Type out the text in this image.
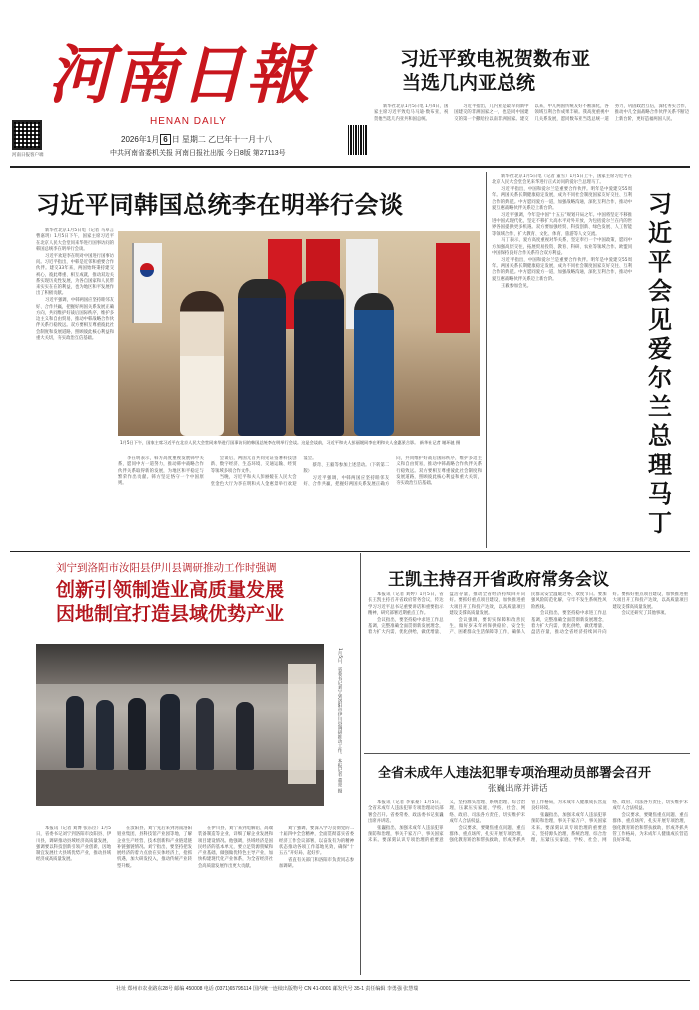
河南日報
HENAN DAILY
2026年1月 6 日 星期二 乙巳年十一月十八
中共河南省委机关报 河南日报社出版 今日8版 第27113号
河南日报客户端
习近平致电祝贺数布亚
当选几内亚总统

新华社北京1月5日电 1月4日，国家主席习近平致电马马迪·数布亚，祝贺他当选几内亚共和国总统。

习近平指出，几内亚是最早同新中国建交的非洲国家之一，也是同中国建交的第一个撒哈拉以南非洲国家。建交以来，中几两国传统友好不断深化，各领域互利合作成果丰硕。我高度重视中几关系发展，愿同数布亚当选总统一道努力，巩固政治互信，深化务实合作，推动中几全面战略合作伙伴关系不断迈上新台阶，更好造福两国人民。

习近平同韩国总统李在明举行会谈
1月5日下午，国家主席习近平在北京人民大会堂同来华进行国事访问的韩国总统李在明举行会谈。这是会谈前，习近平和夫人彭丽媛同李在明和夫人金惠景合影。 新华社记者 谢环驰 摄

新华社北京1月5日电（记者 马卓言 曹嘉玥）1月5日下午，国家主席习近平在北京人民大会堂同来华进行国事访问的韩国总统李在明举行会谈。

习近平欢迎李在明对中国进行国事访问。习近平指出，中韩是近邻和重要合作伙伴。建交33年来，两国始终秉持建交初心，彼此尊重、相互成就，推动双边关系实现历史性发展，为各自国家和人民带来实实在在的利益，也为地区和平发展作出了积极贡献。

习近平强调，中韩两国应坚持睦邻友好、合作共赢，把握好两国关系发展正确方向，共同维护好战后国际秩序，维护多边主义和自由贸易，推动中韩战略合作伙伴关系行稳致远。双方要相互尊重彼此社会制度和发展道路，照顾彼此核心利益和重大关切，夯实政治互信基础。

李在明表示，韩方高度重视发展韩中关系，愿同中方一道努力，推动韩中战略合作伙伴关系取得新的发展，为地区和平稳定与繁荣作出贡献。韩方坚定恪守一个中国原则。

会谈后，两国元首共同见证签署科技创新、数字经济、生态环境、交通运输、经贸等领域多项合作文件。

当晚，习近平和夫人彭丽媛在人民大会堂金色大厅为李在明和夫人金惠景举行欢迎宴会。

蔡奇、王毅等参加上述活动。（下转第二版）

习近平强调，中韩两国应坚持睦邻友好、合作共赢，把握好两国关系发展正确方向，共同维护好战后国际秩序，维护多边主义和自由贸易，推动中韩战略合作伙伴关系行稳致远。双方要相互尊重彼此社会制度和发展道路，照顾彼此核心利益和重大关切，夯实政治互信基础。

新华社北京1月5日电（记者 董雪）1月5日上午，国家主席习近平在北京人民大会堂会见来华进行正式访问的爱尔兰总理马丁。

习近平指出，中国和爱尔兰是重要合作伙伴。明年是中爱建交55周年。两国关系长期健康稳定发展，成为不同社会制度国家友好交往、互利合作的典范。中方愿同爱方一道，加强战略沟通，深化互利合作，推动中爱互惠战略伙伴关系迈上新台阶。

习近平强调，今年是中国“十五五”规划开局之年。中国将坚定不移推进中国式现代化，坚定不移扩大高水平对外开放，为包括爱尔兰在内的世界各国提供更多机遇。双方要加强经贸、科技创新、绿色发展、人工智能等领域合作，扩大教育、文化、体育、旅游等人文交流。

马丁表示，爱方高度重视对华关系，坚定奉行一个中国政策，愿同中方加强高层交往，拓展贸易投资、教育、科研、农业等领域合作。欧盟同中国保持良好合作关系符合双方利益。

习近平指出，中国和爱尔兰是重要合作伙伴。明年是中爱建交55周年。两国关系长期健康稳定发展，成为不同社会制度国家友好交往、互利合作的典范。中方愿同爱方一道，加强战略沟通，深化互利合作，推动中爱互惠战略伙伴关系迈上新台阶。

王毅参加会见。

习近平会见爱尔兰总理马丁
刘宁到洛阳市汝阳县伊川县调研推动工作时强调
创新引领制造业高质量发展
因地制宜打造县域优势产业
1月5日，省委书记刘宁到洛阳市伊川县调研推动工作。 本报记者 董亮 摄

本报讯（记者 刘博 张东臣）1月5日，省委书记刘宁到洛阳市汝阳县、伊川县，调研推动县域经济高质量发展，强调要以科技创新引领产业创新，因地制宜发展壮大县域优势产业，推动县域经济成高质量发展。

在汝阳县，刘宁先后来到河南洛阳钼业集团、县科技馆产业园等地，了解企业生产经营、技术创新和产业链延链补链强链情况。刘宁指出，要坚持把发展经济的着力点放在实体经济上，抢抓机遇，加大研发投入，推动传统产业转型升级。

在伊川县，刘宁来到电解铝、高端装备制造等企业，详细了解企业发展和项目建设情况。他强调，县域经济是国民经济的基本单元，要立足资源禀赋和产业基础，做强做优特色主导产业，加快构建现代化产业体系，为全省经济社会高质量发展作出更大贡献。

刘宁强调，要深入学习贯彻党的二十届四中全会精神，全面贯彻落实省委经济工作会议部署，以奋发有为的精神状态推动各项工作落地见效，确保“十五五”开好局、起好步。

省直有关部门和洛阳市负责同志参加调研。

王凯主持召开省政府常务会议

本报讯（记者 刘婷）1月5日，省长王凯主持召开省政府常务会议，传达学习习近平总书记重要讲话和重要指示精神，研究部署近期重点工作。

会议指出，要坚持稳中求进工作总基调，完整准确全面贯彻新发展理念，着力扩大内需、优化供给，做优增量、盘活存量，推动全省经济持续回升向好。要抓好重点项目建设，加快推进重大项目开工和投产达效，以高质量项目建设支撑高质量发展。

会议强调，要切实保障和改善民生，做好岁末年初保供稳价、安全生产、困难群众生活保障等工作，确保人民群众安全温暖过冬、欢度节日。要加强风险防范化解，守牢不发生系统性风险底线。

会议指出，要坚持稳中求进工作总基调，完整准确全面贯彻新发展理念，着力扩大内需、优化供给，做优增量、盘活存量，推动全省经济持续回升向好。要抓好重点项目建设，加快推进重大项目开工和投产达效，以高质量项目建设支撑高质量发展。

会议还研究了其他事项。

全省未成年人违法犯罪专项治理动员部署会召开
张巍出席并讲话

本报讯（记者 李家豪）1月5日，全省未成年人违法犯罪专项治理动员部署会召开。省委常委、政法委书记张巍出席并讲话。

张巍指出，加强未成年人违法犯罪预防和治理，事关千家万户、事关国家未来。要深刻认识专项治理的重要意义，坚持源头治理、系统治理、综合治理，压紧压实家庭、学校、社会、网络、政府、司法各方责任，切实维护未成年人合法权益。

会议要求，要聚焦重点问题、重点群体、重点场所，扎实开展专项治理，强化教育矫治和帮扶救助，形成齐抓共管工作格局，为未成年人健康成长营造良好环境。

张巍指出，加强未成年人违法犯罪预防和治理，事关千家万户、事关国家未来。要深刻认识专项治理的重要意义，坚持源头治理、系统治理、综合治理，压紧压实家庭、学校、社会、网络、政府、司法各方责任，切实维护未成年人合法权益。

会议要求，要聚焦重点问题、重点群体、重点场所，扎实开展专项治理，强化教育矫治和帮扶救助，形成齐抓共管工作格局，为未成年人健康成长营造良好环境。

社址 郑州市农业路东28号 邮编 450008 电话 (0371)65795114 国内统一连续出版物号 CN 41-0001 邮发代号 35-1 责任编辑 李勇强 张慧瑞
